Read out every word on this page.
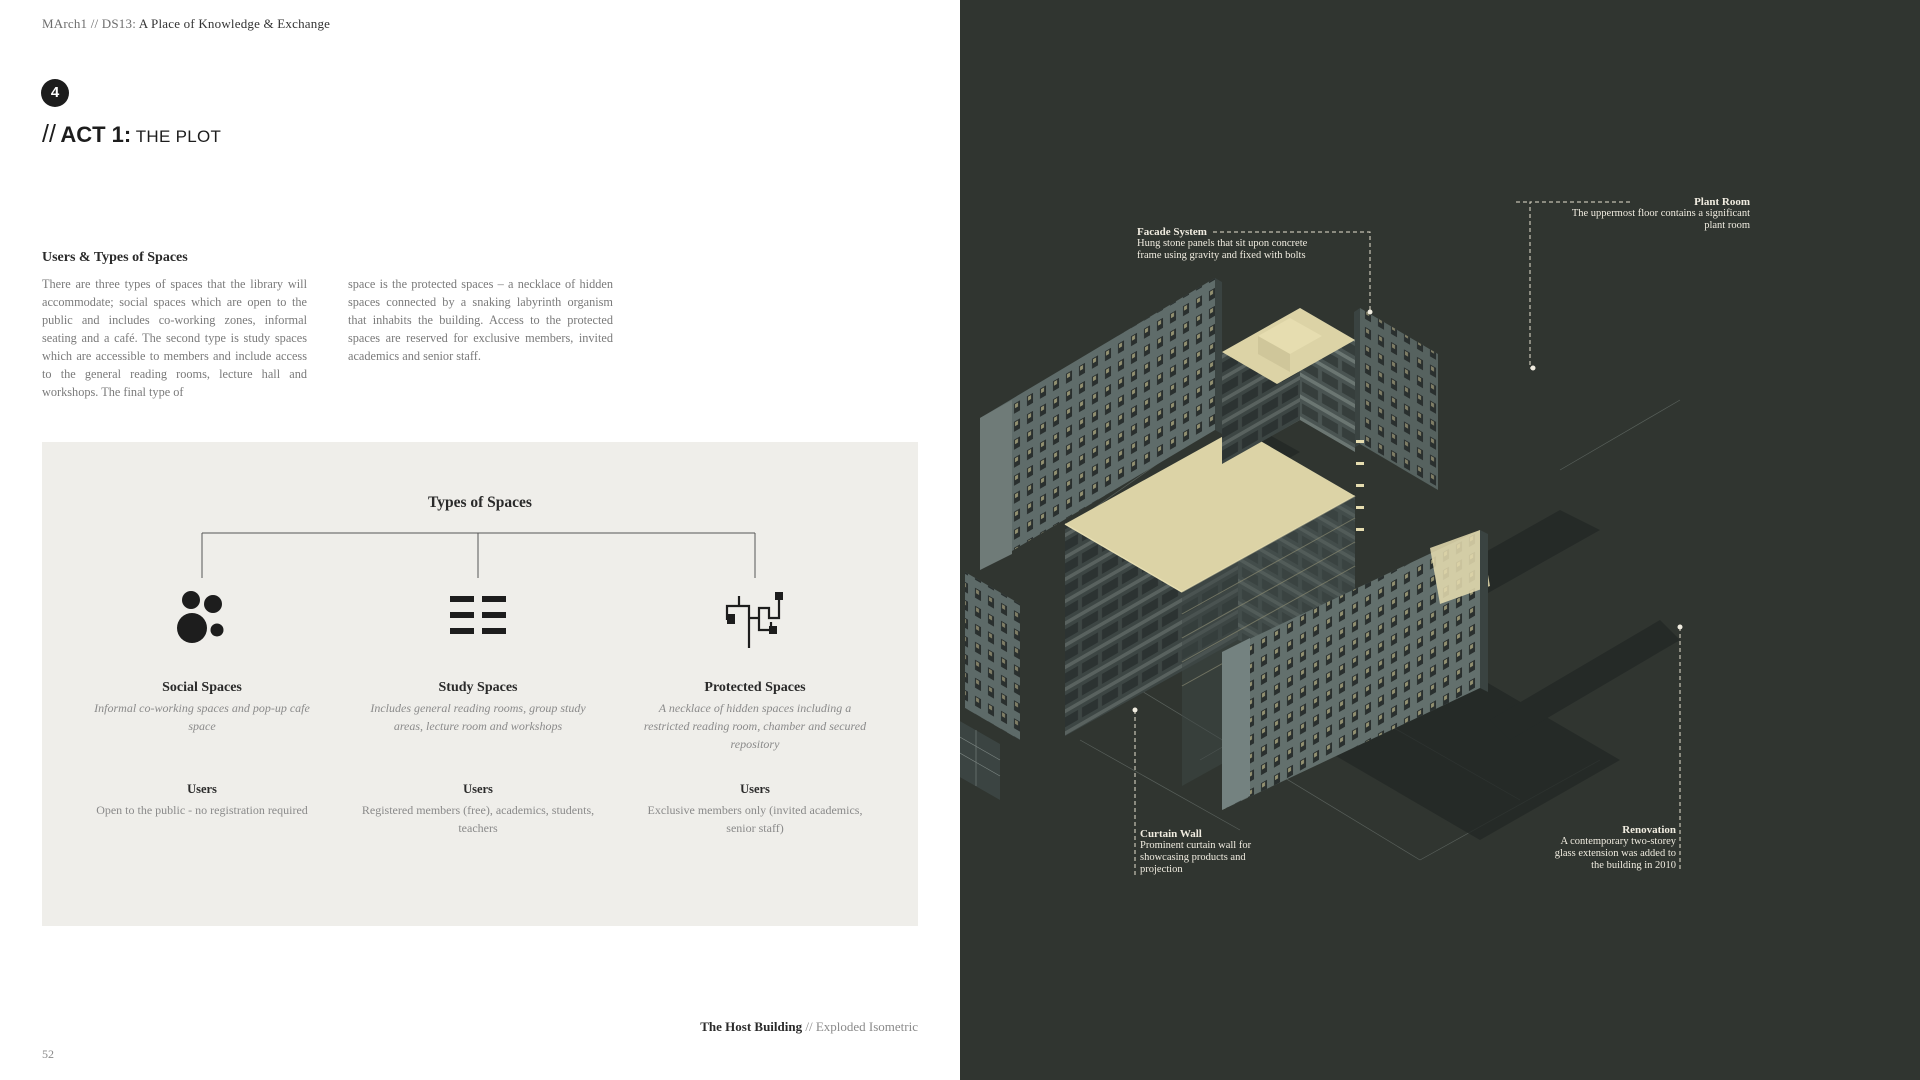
MArch1 // DS13: A Place of Knowledge & Exchange
4
// ACT 1: THE PLOT
Users & Types of Spaces

There are three types of spaces that the library will accommodate; social spaces which are open to the public and includes co-working zones, informal seating and a café. The second type is study spaces which are accessible to members and include access to the general reading rooms, lecture hall and workshops. The final type of

space is the protected spaces – a necklace of hidden spaces connected by a snaking labyrinth organism that inhabits the building. Access to the protected spaces are reserved for exclusive members, invited academics and senior staff.

Types of Spaces
Social Spaces
Informal co-working spaces and pop-up cafe space
Users
Open to the public - no registration required
Study Spaces
Includes general reading rooms, group study areas, lecture room and workshops
Users
Registered members (free), academics, students, teachers
Protected Spaces
A necklace of hidden spaces including a restricted reading room, chamber and secured repository
Users
Exclusive members only (invited academics, senior staff)
The Host Building // Exploded Isometric
52
Facade System
Hung stone panels that sit upon concrete frame using gravity and fixed with bolts
Plant Room
The uppermost floor contains a significant plant room
Curtain Wall
Prominent curtain wall for showcasing products and projection
Renovation
A contemporary two-storey glass extension was added to the building in 2010
